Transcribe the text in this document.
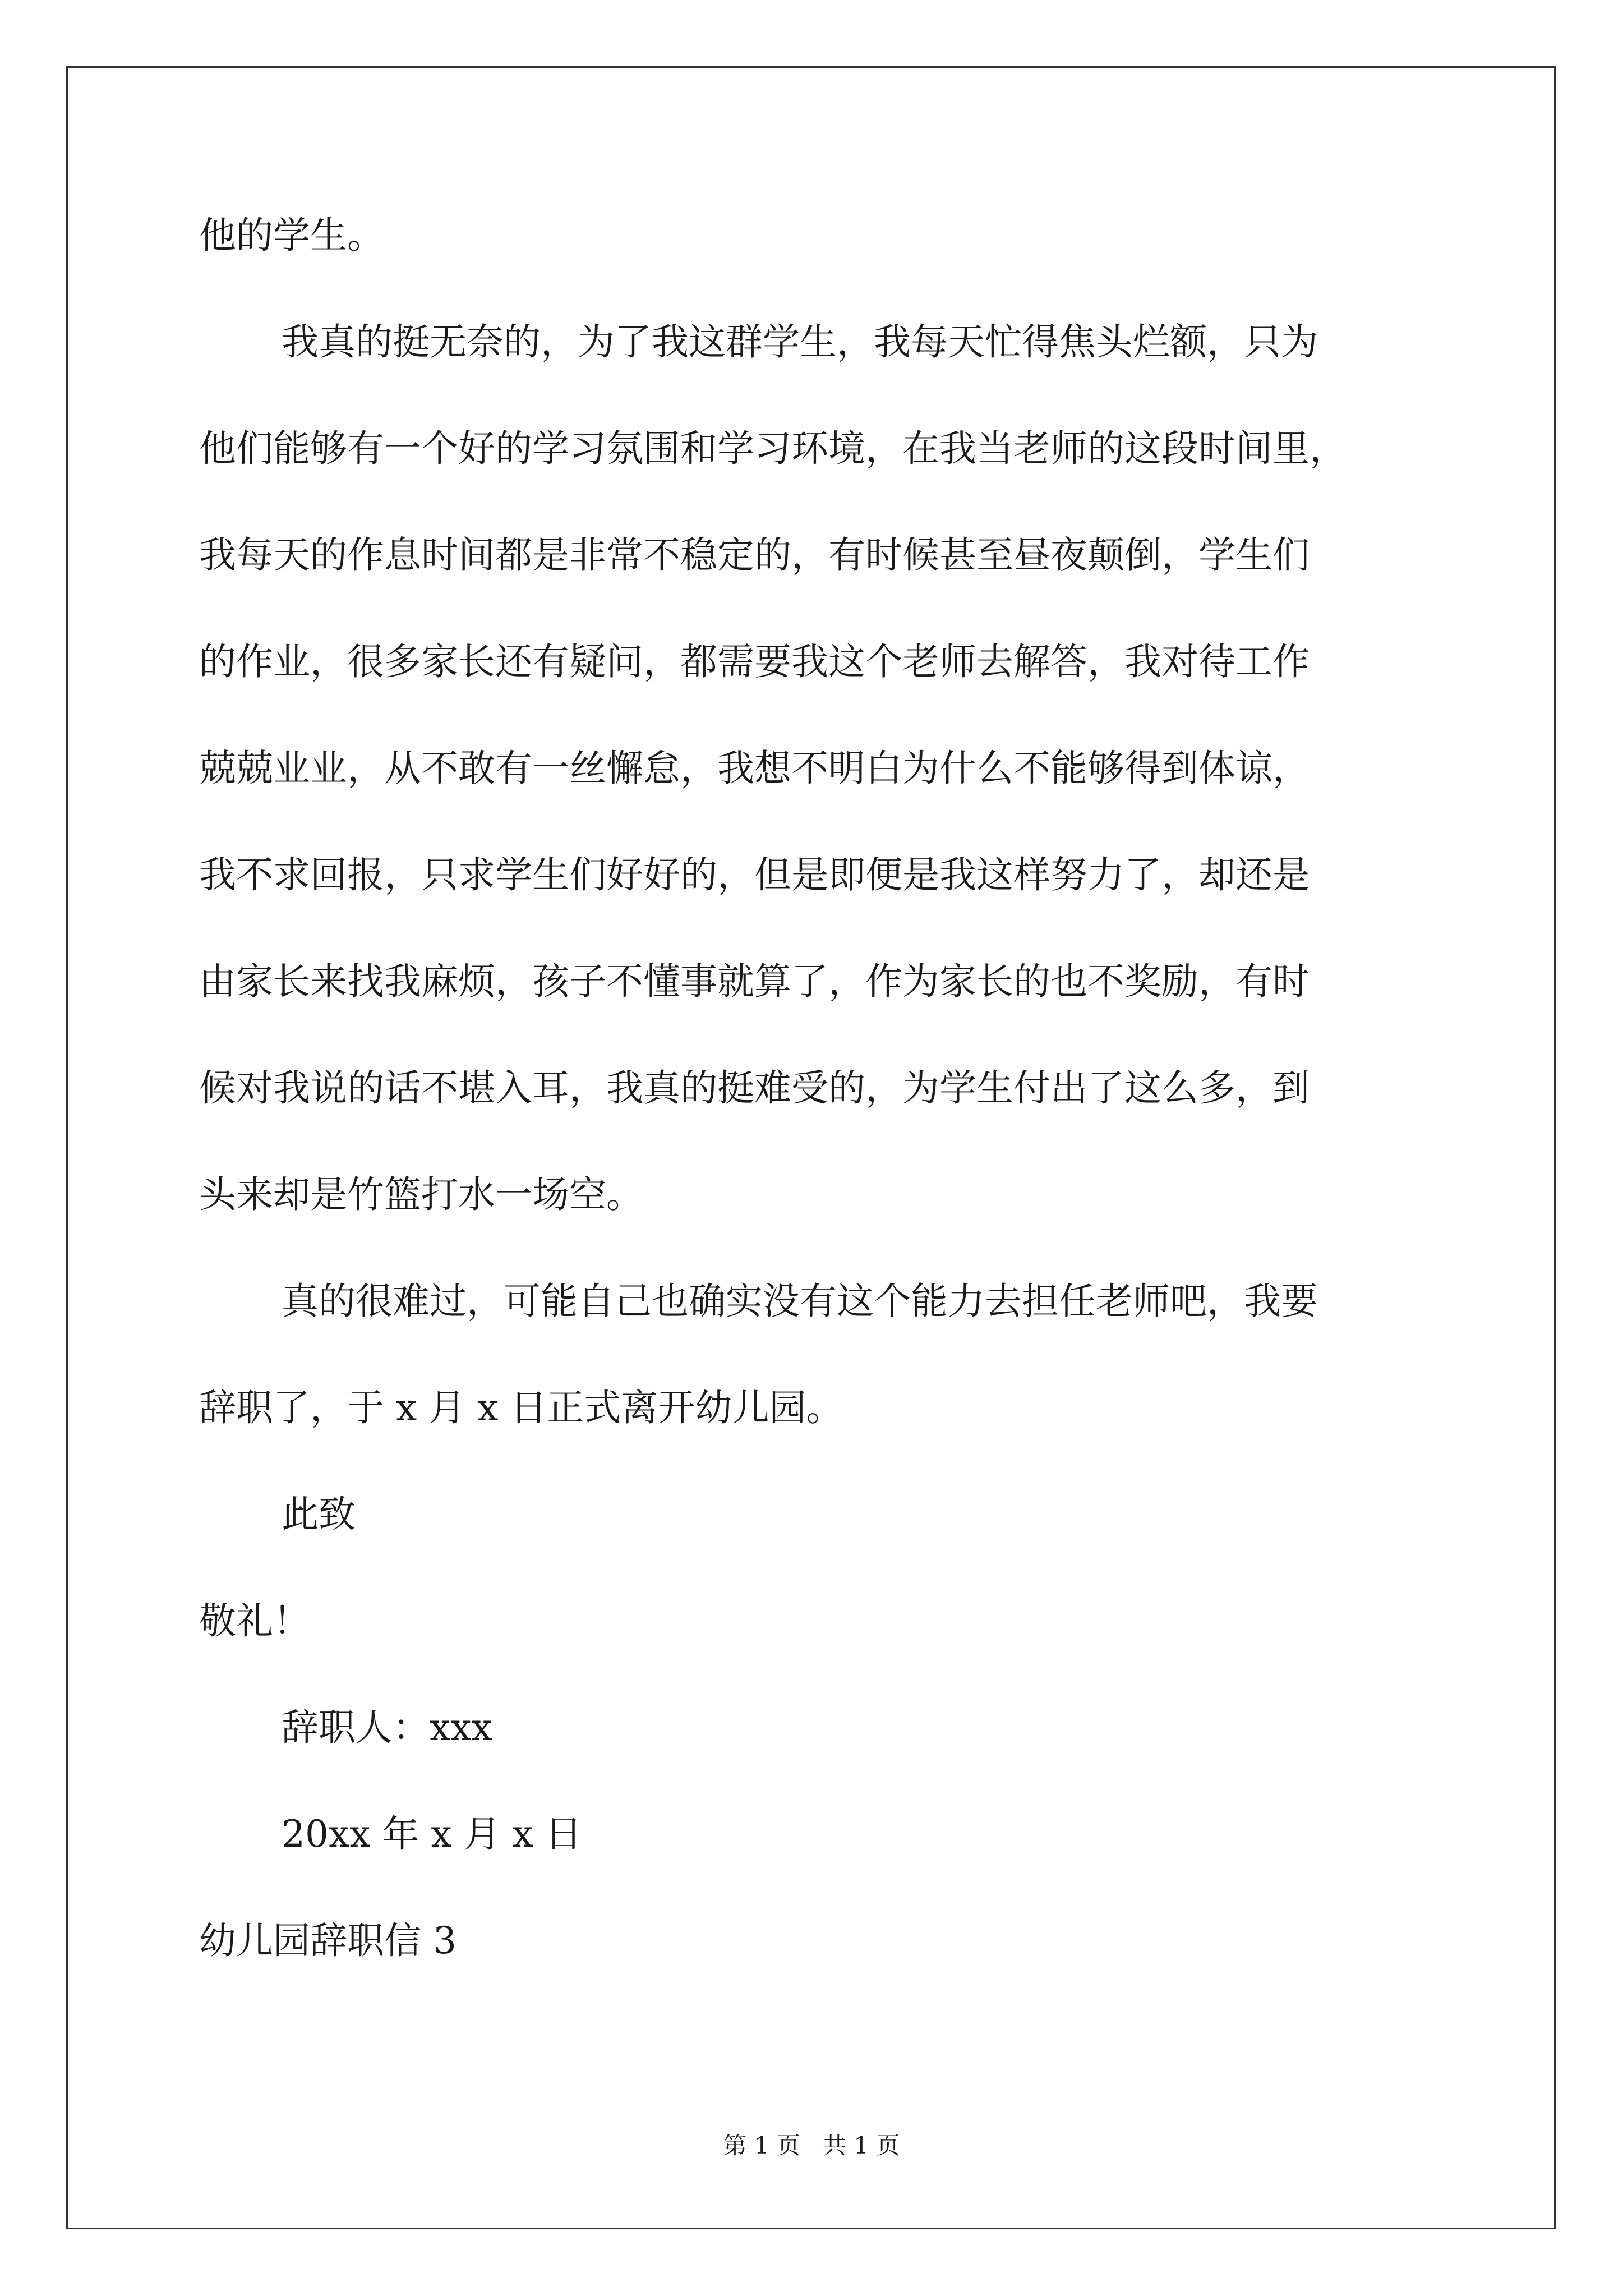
他的学生。
我真的挺无奈的，为了我这群学生，我每天忙得焦头烂额，只为
他们能够有一个好的学习氛围和学习环境，在我当老师的这段时间里，
我每天的作息时间都是非常不稳定的，有时候甚至昼夜颠倒，学生们
的作业，很多家长还有疑问，都需要我这个老师去解答，我对待工作
兢兢业业，从不敢有一丝懈怠，我想不明白为什么不能够得到体谅，
我不求回报，只求学生们好好的，但是即便是我这样努力了，却还是
由家长来找我麻烦，孩子不懂事就算了，作为家长的也不奖励，有时
候对我说的话不堪入耳，我真的挺难受的，为学生付出了这么多，到
头来却是竹篮打水一场空。
真的很难过，可能自己也确实没有这个能力去担任老师吧，我要
辞职了，于 x 月 x 日正式离开幼儿园。
此致
敬礼！
辞职人：xxx
20xx 年 x 月 x 日
幼儿园辞职信 3
第 1 页   共 1 页
